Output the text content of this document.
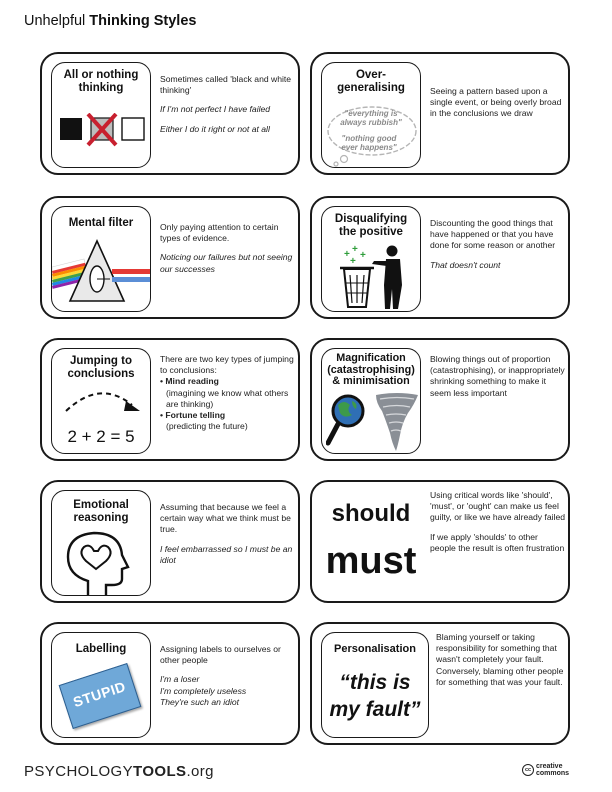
Unhelpful Thinking Styles
All or nothing thinking

Sometimes called 'black and white thinking'

If I'm not perfect I have failed

Either I do it right or not at all

Over-generalising
"everything is always rubbish"
"nothing good ever happens"

Seeing a pattern based upon a single event, or being overly broad in the conclusions we draw

Mental filter	Only paying attention to certain types of evidence.

Noticing our failures but not seeing our successes

Disqualifying the positive
+ +
+
+

Discounting the good things that have happened or that you have done for some reason or another

That doesn't count

Jumping to conclusions
2 + 2 = 5

There are two key types of jumping to conclusions:

• Mind reading

(imagining we know what others are thinking)

• Fortune telling

(predicting the future)

Magnification (catastrophising) & minimisation

Blowing things out of proportion (catastrophising), or inappropriately shrinking something to make it seem less important

Emotional reasoning

Assuming that because we feel a certain way what we think must be true.

I feel embarrassed so I must be an idiot

should
must

Using critical words like 'should', 'must', or 'ought' can make us feel guilty, or like we have already failed

If we apply 'shoulds' to other people the result is often frustration

Labelling
STUPID

Assigning labels to ourselves or other people

I'm a loser

I'm completely useless

They're such an idiot

Personalisation
“this is
my fault”

Blaming yourself or taking responsibility for something that wasn't completely your fault. Conversely, blaming other people for something that was your fault.

PSYCHOLOGYTOOLS.org	cc creative
commons
